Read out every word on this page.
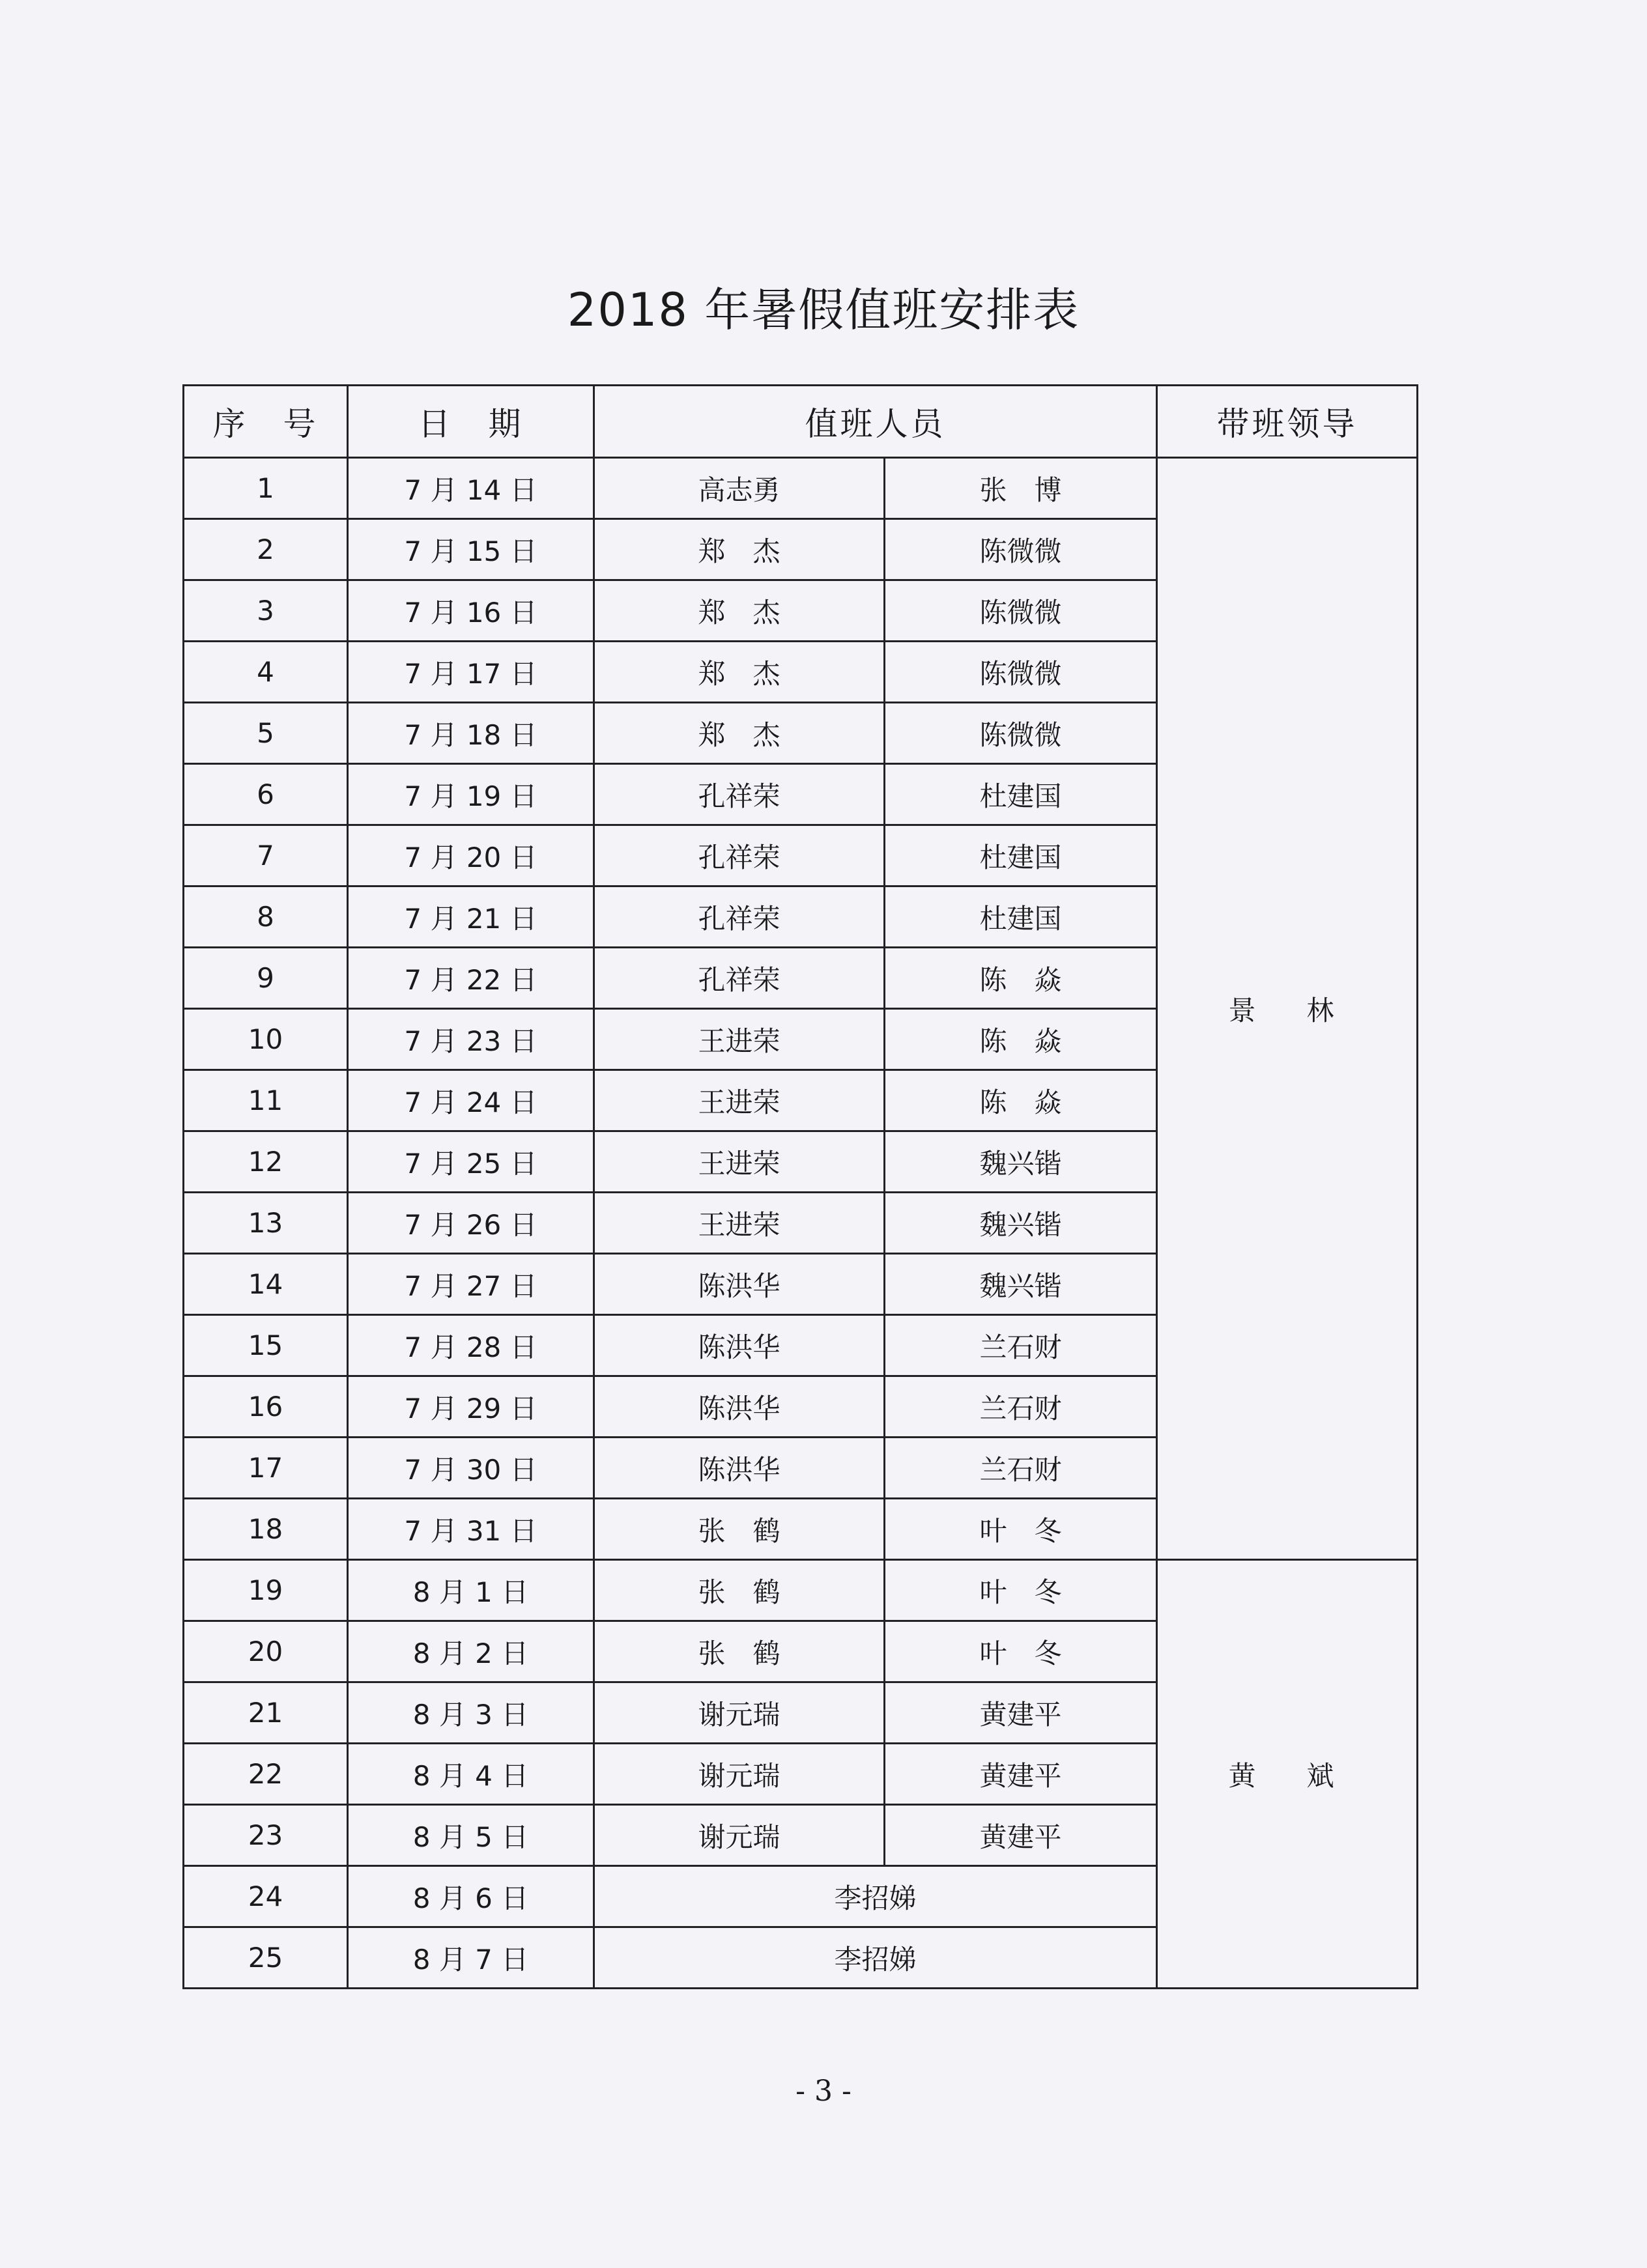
2018 年暑假值班安排表
序　号	日　期	值班人员		带班领导
1	7 月 14 日	高志勇	张　博	景　林
2	7 月 15 日	郑　杰	陈微微	
3	7 月 16 日	郑　杰	陈微微	
4	7 月 17 日	郑　杰	陈微微	
5	7 月 18 日	郑　杰	陈微微	
6	7 月 19 日	孔祥荣	杜建国	
7	7 月 20 日	孔祥荣	杜建国	
8	7 月 21 日	孔祥荣	杜建国	
9	7 月 22 日	孔祥荣	陈　焱	
10	7 月 23 日	王进荣	陈　焱	
11	7 月 24 日	王进荣	陈　焱	
12	7 月 25 日	王进荣	魏兴锴	
13	7 月 26 日	王进荣	魏兴锴	
14	7 月 27 日	陈洪华	魏兴锴	
15	7 月 28 日	陈洪华	兰石财	
16	7 月 29 日	陈洪华	兰石财	
17	7 月 30 日	陈洪华	兰石财	
18	7 月 31 日	张　鹤	叶　冬	
19	8 月 1 日	张　鹤	叶　冬	黄　斌
20	8 月 2 日	张　鹤	叶　冬	
21	8 月 3 日	谢元瑞	黄建平	
22	8 月 4 日	谢元瑞	黄建平	
23	8 月 5 日	谢元瑞	黄建平	
24	8 月 6 日	李招娣		
25	8 月 7 日	李招娣		
- 3 -
